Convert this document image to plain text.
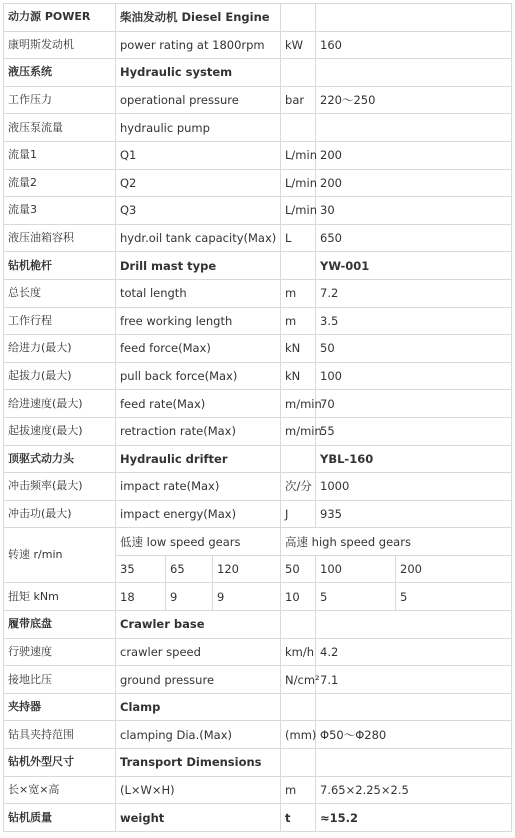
动力源 POWER	柴油发动机 Diesel Engine					
康明斯发动机	power rating at 1800rpm			kW	160	
液压系统	Hydraulic system					
工作压力	operational pressure			bar	220～250	
液压泵流量	hydraulic pump					
流量1	Q1			L/min	200	
流量2	Q2			L/min	200	
流量3	Q3			L/min	30	
液压油箱容积	hydr.oil tank capacity(Max)			L	650	
钻机桅杆	Drill mast type				YW-001	
总长度	total length			m	7.2	
工作行程	free working length			m	3.5	
给进力(最大)	feed force(Max)			kN	50	
起拔力(最大)	pull back force(Max)			kN	100	
给进速度(最大)	feed rate(Max)			m/min	70	
起拔速度(最大)	retraction rate(Max)			m/min	55	
顶驱式动力头	Hydraulic drifter				YBL-160	
冲击频率(最大)	impact rate(Max)			次/分	1000	
冲击功(最大)	impact energy(Max)			J	935	
转速 r/min	低速 low speed gears			高速 high speed gears		
	35	65	120	50	100	200
扭矩 kNm	18	9	9	10	5	5
履带底盘	Crawler base					
行驶速度	crawler speed			km/h	4.2	
接地比压	ground pressure			N/cm²	7.1	
夹持器	Clamp					
钻具夹持范围	clamping Dia.(Max)			(mm)	Φ50～Φ280	
钻机外型尺寸	Transport Dimensions					
长×宽×高	(L×W×H)			m	7.65×2.25×2.5	
钻机质量	weight			t	≈15.2	
